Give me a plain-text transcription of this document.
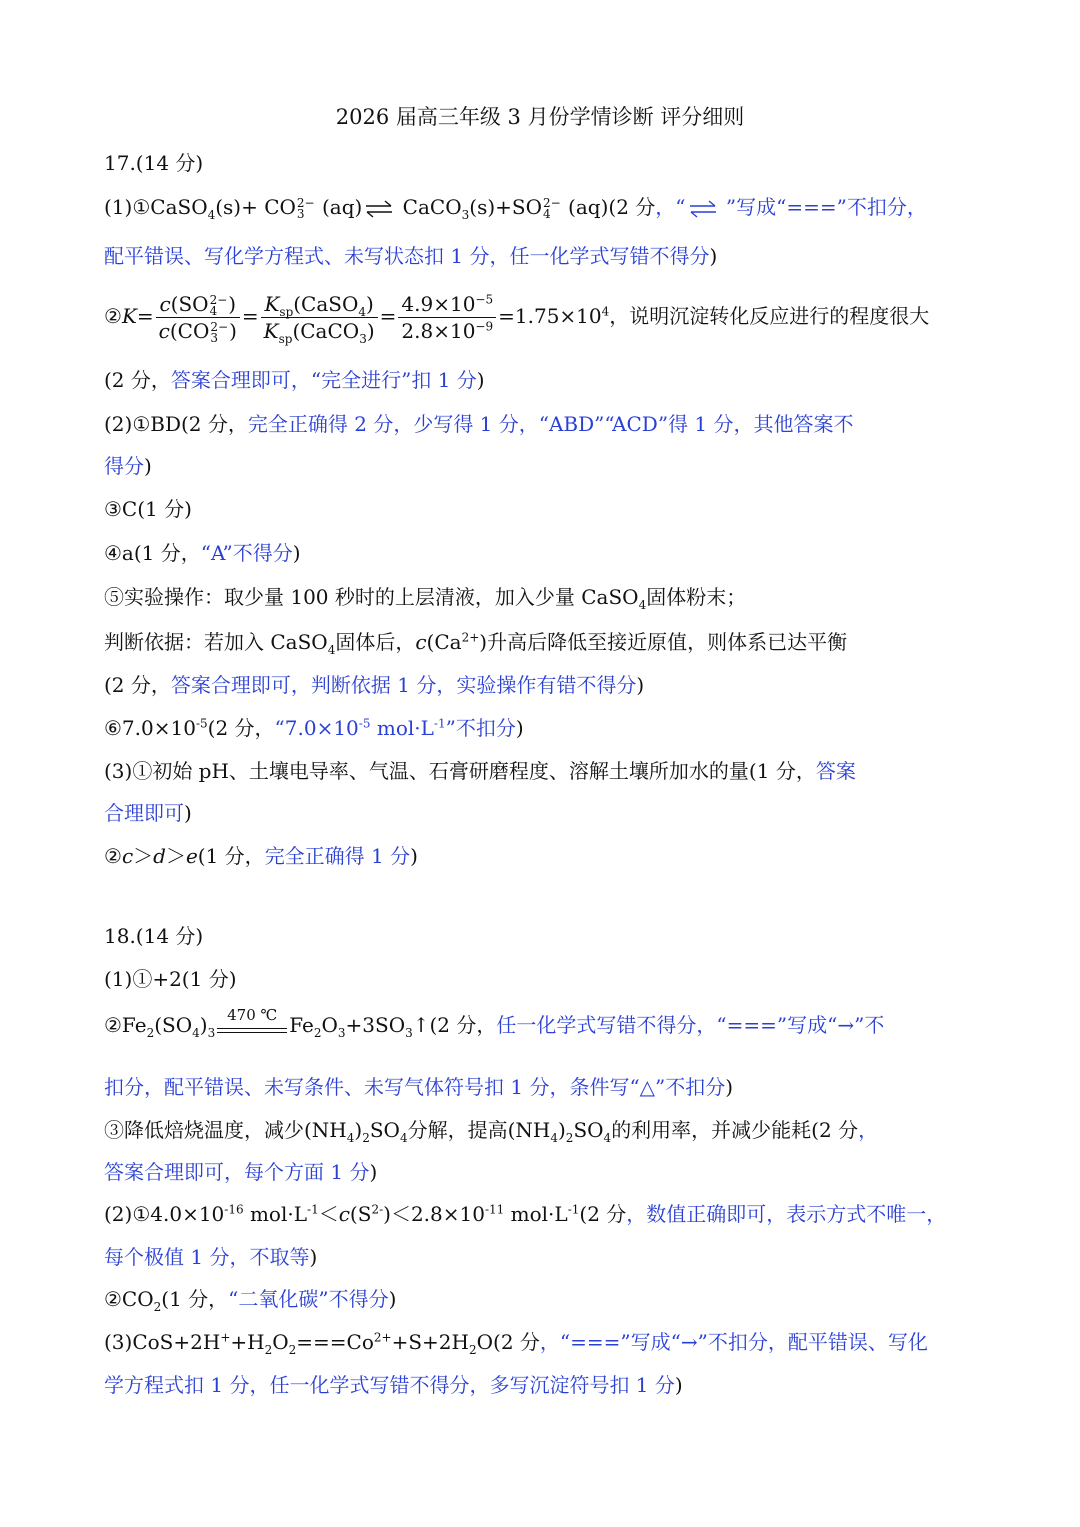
2026 届高三年级 3 月份学情诊断 评分细则
17.(14 分)
(1)①CaSO$_4$(s)+ CO 2−
3 (aq)⇌ CaCO$_3$(s)+SO 2−
4 (aq)(2 分，“⇌ ”写成“===”不扣分，
配平错误、写化学方程式、未写状态扣 1 分，任一化学式写错不得分)
②K= c(SO 2−
4 )
c(CO 2−
3 ) = $\frac{K_{sp}(CaSO_4)}{K_{sp}(CaCO_3)} = \frac{4.9\times 10^{-5}}{2.8\times 10^{-9}} =1.75\times 10^4$，说明沉淀转化反应进行的程度很大
(2 分，答案合理即可，“完全进行”扣 1 分)
(2)①BD(2 分，完全正确得 2 分，少写得 1 分，“ABD”“ACD”得 1 分，其他答案不
得分)
③C(1 分)
④a(1 分，“A”不得分)
⑤实验操作：取少量 100 秒时的上层清液，加入少量 CaSO$_4$固体粉末；
判断依据：若加入 CaSO$_4$固体后，$c(Ca^{2+})$升高后降低至接近原值，则体系已达平衡
(2 分，答案合理即可，判断依据 1 分，实验操作有错不得分)
$⑥7.0\times 10^{-5}(2$ 分，“$7.0\times 10^{-5}$ $mol\cdot L^{-1}$”不扣分)
(3)①初始 pH、土壤电导率、气温、石膏研磨程度、溶解土壤所加水的量(1 分，答案
合理即可)
②c＞d＞e(1 分，完全正确得 1 分)
18.(14 分)
(1)①+2(1 分)
$②Fe_2(SO_4)_3$
470 ℃ $Fe_2O_3+3SO_3↑(2$ 分，任一化学式写错不得分，“===”写成“→”不
扣分，配平错误、未写条件、未写气体符号扣 1 分，条件写“△”不扣分)
③降低焙烧温度，减少$(NH_4)_2SO_4$分解，提高$(NH_4)_2SO_4$的利用率，并减少能耗(2 分，
答案合理即可，每个方面 1 分)
$(2)①4.0\times 10^{-16}$ $mol\cdot L^{-1}<c(S^{2-})<2.8\times 10^{-11}$ $mol\cdot L^{-1}(2$ 分，数值正确即可，表示方式不唯一，
每个极值 1 分，不取等)
$②CO_2(1$ 分，“二氧化碳”不得分)
$(3)CoS+2H^++H_2O_2===Co^{2+}+S+2H_2O(2$ 分，“===”写成“→”不扣分，配平错误、写化
学方程式扣 1 分，任一化学式写错不得分，多写沉淀符号扣 1 分)
